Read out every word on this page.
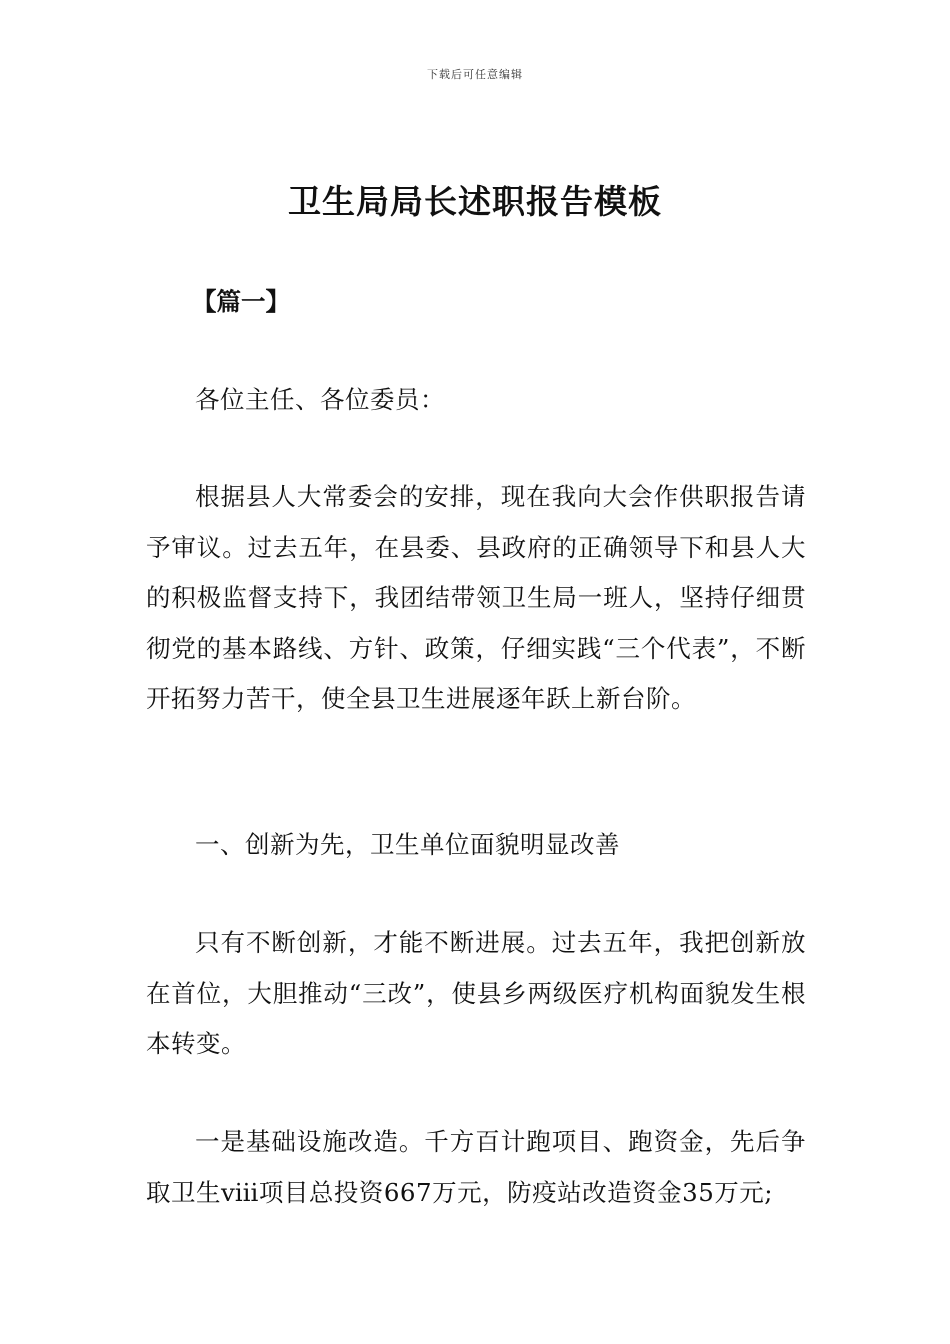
下载后可任意编辑
卫生局局长述职报告模板

【篇一】

各位主任、各位委员：

根据县人大常委会的安排，现在我向大会作供职报告请予审议。过去五年，在县委、县政府的正确领导下和县人大的积极监督支持下，我团结带领卫生局一班人，坚持仔细贯彻党的基本路线、方针、政策，仔细实践“三个代表”，不断开拓努力苦干，使全县卫生进展逐年跃上新台阶。

一、创新为先，卫生单位面貌明显改善

只有不断创新，才能不断进展。过去五年，我把创新放在首位，大胆推动“三改”，使县乡两级医疗机构面貌发生根本转变。

一是基础设施改造。千方百计跑项目、跑资金，先后争取卫生ⅷ项目总投资667万元，防疫站改造资金35万元;
